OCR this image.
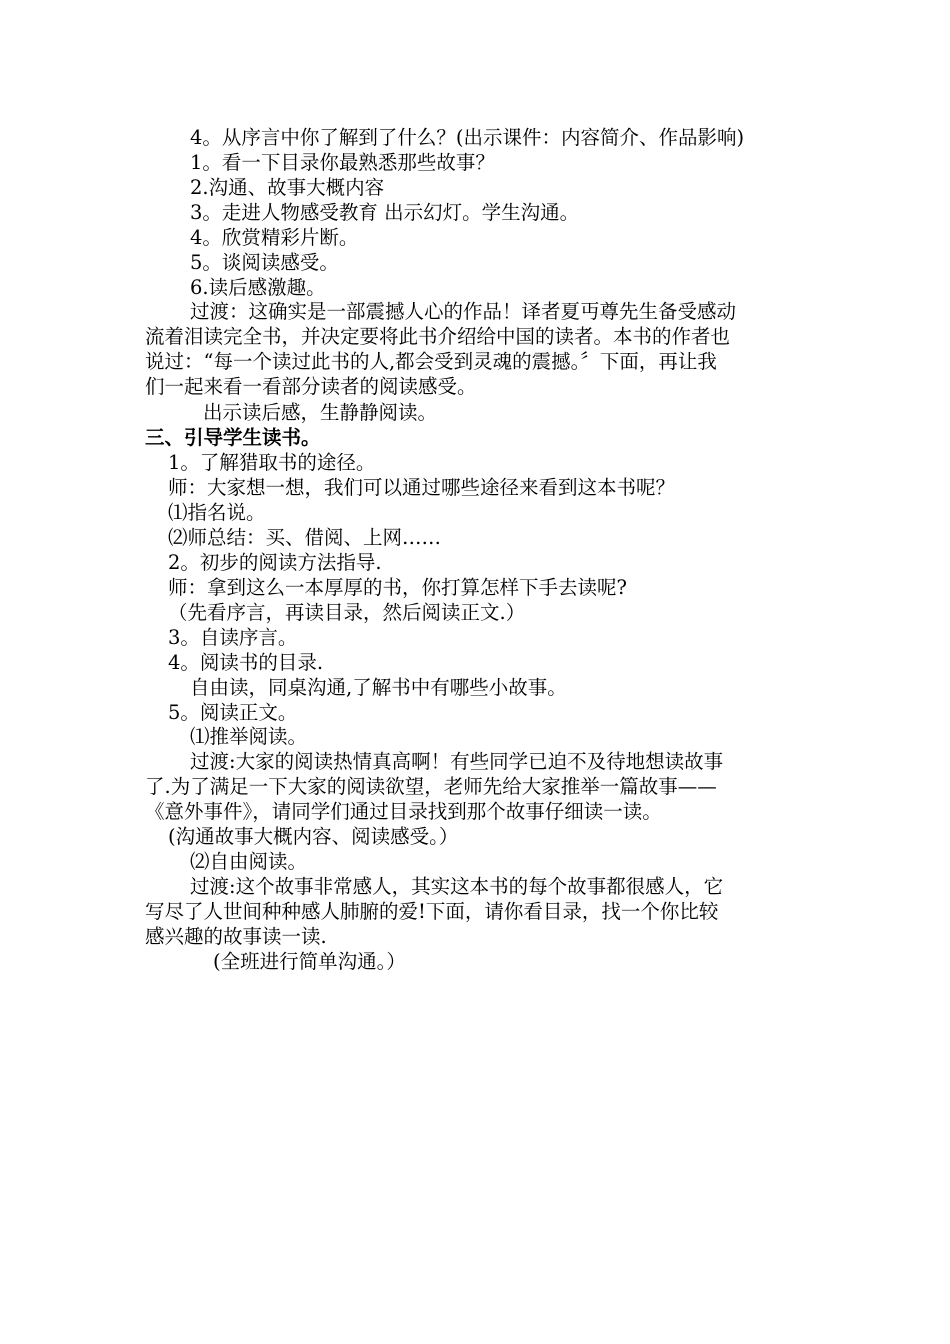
4。从序言中你了解到了什么？(出示课件：内容简介、作品影响)
1。看一下目录你最熟悉那些故事？
2.沟通、故事大概内容
3。走进人物感受教育 出示幻灯。学生沟通。
4。欣赏精彩片断。
5。谈阅读感受。
6.读后感激趣。
过渡：这确实是一部震撼人心的作品！译者夏丏尊先生备受感动
流着泪读完全书，并决定要将此书介绍给中国的读者。本书的作者也
说过：“每一个读过此书的人,都会受到灵魂的震撼。〞下面，再让我
们一起来看一看部分读者的阅读感受。
出示读后感，生静静阅读。
三、引导学生读书。
1。了解猎取书的途径。
师：大家想一想，我们可以通过哪些途径来看到这本书呢？
⑴指名说。
⑵师总结：买、借阅、上网……
2。初步的阅读方法指导.
师：拿到这么一本厚厚的书，你打算怎样下手去读呢?
（先看序言，再读目录，然后阅读正文.）
3。自读序言。
4。阅读书的目录.
自由读，同桌沟通,了解书中有哪些小故事。
5。阅读正文。
⑴推举阅读。
过渡:大家的阅读热情真高啊！有些同学已迫不及待地想读故事
了.为了满足一下大家的阅读欲望，老师先给大家推举一篇故事——
《意外事件》，请同学们通过目录找到那个故事仔细读一读。
(沟通故事大概内容、阅读感受。）
⑵自由阅读。
过渡:这个故事非常感人，其实这本书的每个故事都很感人，它
写尽了人世间种种感人肺腑的爱!下面，请你看目录，找一个你比较
感兴趣的故事读一读.
(全班进行简单沟通。）
